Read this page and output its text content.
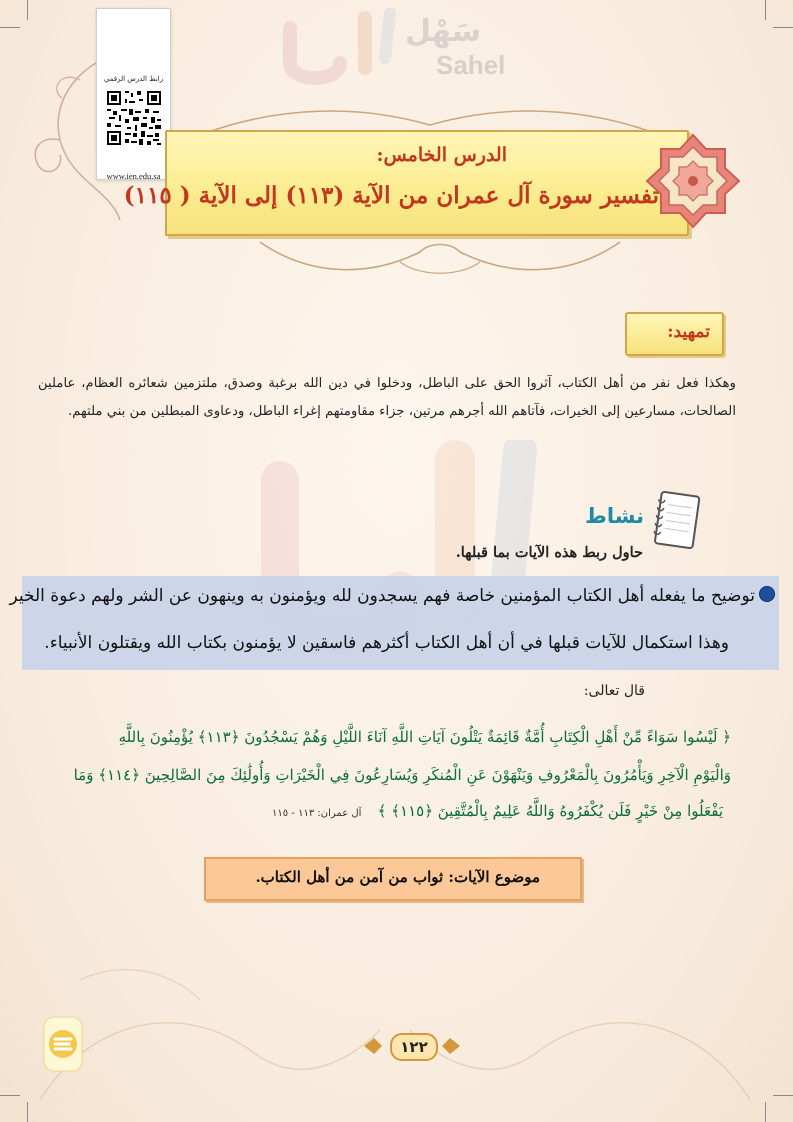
سَهْل
Sahel
رابط الدرس الرقمي
www.ien.edu.sa
الدرس الخامس:
تفسير سورة آل عمران من الآية (١١٣) إلى الآية ( ١١٥)
تمهيد:
وهكذا فعل نفر من أهل الكتاب، آثروا الحق على الباطل، ودخلوا في دين الله برغبة وصدق، ملتزمين شعائره العظام، عاملين الصالحات، مسارعين إلى الخيرات، فآتاهم الله أجرهم مرتين، جزاء مقاومتهم إغراء الباطل، ودعاوى المبطلين من بني ملتهم.
نشاط
حاول ربط هذه الآيات بما قبلها.
توضيح ما يفعله أهل الكتاب المؤمنين خاصة فهم يسجدون لله ويؤمنون به وينهون عن الشر ولهم دعوة الخير
وهذا استكمال للآيات قبلها في أن أهل الكتاب أكثرهم فاسقين لا يؤمنون بكتاب الله ويقتلون الأنبياء.
قال تعالى:
﴿ لَيْسُوا سَوَاءً مِّنْ أَهْلِ الْكِتَابِ أُمَّةٌ قَائِمَةٌ يَتْلُونَ آيَاتِ اللَّهِ آنَاءَ اللَّيْلِ وَهُمْ يَسْجُدُونَ ﴿١١٣﴾ يُؤْمِنُونَ بِاللَّهِ
وَالْيَوْمِ الْآخِرِ وَيَأْمُرُونَ بِالْمَعْرُوفِ وَيَنْهَوْنَ عَنِ الْمُنكَرِ وَيُسَارِعُونَ فِي الْخَيْرَاتِ وَأُولَٰئِكَ مِنَ الصَّالِحِينَ ﴿١١٤﴾ وَمَا
يَفْعَلُوا مِنْ خَيْرٍ فَلَن يُكْفَرُوهُ وَاللَّهُ عَلِيمٌ بِالْمُتَّقِينَ ﴿١١٥﴾ ﴾
آل عمران: ١١٣ - ١١٥
موضوع الآيات: ثواب من آمن من أهل الكتاب.
١٢٢
